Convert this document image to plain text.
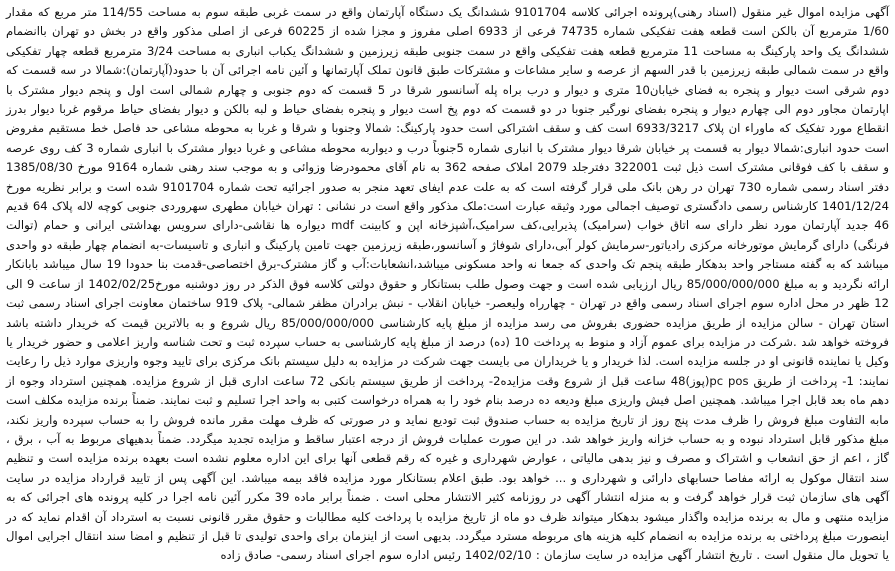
آگهی مزایده اموال غیر منقول (اسناد رهنی)پرونده اجرائی کلاسه 9101704 ششدانگ یک دستگاه آپارتمان واقع در سمت غربی طبقه سوم به مساحت 114/55 متر مربع که مقدار 1/60 مترمربع آن بالکن است قطعه هفت تفکیکی شماره 74735 فرعی از 6933 اصلی مفروز و مجزا شده از 60225 فرعی از اصلی مذکور واقع در بخش دو تهران باانضمام ششدانگ یک واحد پارکینگ به مساحت 11 مترمربع قطعه هفت تفکیکی واقع در سمت جنوبی طبقه زیرزمین و ششدانگ یکباب انباری به مساحت 3/24 مترمربع قطعه چهار تفکیکی واقع در سمت شمالی طبقه زیرزمین با قدر السهم از عرصه و سایر مشاعات و مشترکات طبق قانون تملک آپارتمانها و آئین نامه اجرائی آن با حدود(آپارتمان):شمالا در سه قسمت که دوم شرقی است دیوار و پنجره به فضای خیابان10 متری و دیوار و درب براه پله آسانسور شرقا در 5 قسمت که دوم جنوبی و چهارم شمالی است اول و پنجم دیوار مشترک با اپارتمان مجاور دوم الی چهارم دیوار و پنجره بفضای نورگیر جنوبا در دو قسمت که دوم پخ است دیوار و پنجره بفضای حیاط و لبه بالکن و دیوار بفضای حیاط مرقوم غربا دیوار بدرز انقطاع مورد تفکیک که ماوراء ان پلاک 6933/3217 است کف و سقف اشتراکی است حدود پارکینگ: شمالا وجنوبا و شرقا و غربا به محوطه مشاعی حد فاصل خط مستقیم مفروض است حدود انباری:شمالا دیوار به قسمت پر خیابان شرقا دیوار مشترک با انباری شماره 5جنوباً درب و دیواربه محوطه مشاعی و غربا دیوار مشترک با انباری شماره 3 کف روی عرصه و سقف با کف فوقانی مشترک است ذیل ثبت 322001 دفترجلد 2079 املاک صفحه 362 به نام آقای محمودرضا وزوائی و به موجب سند رهنی شماره 9164 مورخ 1385/08/30 دفتر اسناد رسمی شماره 730 تهران در رهن بانک ملی قرار گرفته است که به علت عدم ایفای تعهد منجر به صدور اجرائیه تحت شماره 9101704 شده است و برابر نظریه مورخ 1401/12/24 کارشناس رسمی دادگستری توصیف اجمالی مورد وثیقه عبارت است:ملک مذکور واقع است در نشانی : تهران خیابان مطهری سهروردی جنوبی کوچه لاله پلاک 64 قدیم 46 جدید آپارتمان مورد نظر دارای سه اتاق خواب (سرامیک) پذیرایی،کف سرامیک،آشپزخانه اپن و کابینت mdf دیواره ها نقاشی-دارای سرویس بهداشتی ایرانی و حمام (توالت فرنگی) دارای گرمایش موتورخانه مرکزی رادیاتور-سرمایش کولر آبی،دارای شوفاژ و آسانسور،طبقه زیرزمین جهت تامین پارکینگ و انباری و تاسیسات-به انضمام چهار طبقه دو واحدی میباشد که به گفته مستاجر واحد بدهکار طبقه پنجم تک واحدی که جمعا نه واحد مسکونی میباشد،انشعابات:آب و گاز مشترک-برق اختصاصی-قدمت بنا حدودا 19 سال میباشد بابانکار ارائه نگردید و به مبلغ 85/000/000/000 ریال ارزیابی شده است و جهت وصول طلب بستانکار و حقوق دولتی کلاسه فوق الذکر در روز دوشنبه مورخ1402/02/25 از ساعت 9 الی 12 ظهر در محل اداره سوم اجرای اسناد رسمی واقع در تهران - چهارراه ولیعصر- خیابان انقلاب - نبش برادران مظفر شمالی- پلاک 919 ساختمان معاونت اجرای اسناد رسمی ثبت استان تهران - سالن مزایده از طریق مزایده حضوری بفروش می رسد مزایده از مبلغ پایه کارشناسی 85/000/000/000 ریال شروع و به بالاترین قیمت که خریدار داشته باشد فروخته خواهد شد .شرکت در مزایده برای عموم آزاد و منوط به پرداخت 10 (ده) درصد از مبلغ پایه کارشناسی به حساب سپرده ثبت و تحت شناسه واریز اعلامی و حضور خریدار یا وکیل یا نماینده قانونی او در جلسه مزایده است. لذا خریدار و یا خریداران می بایست جهت شرکت در مزایده به دلیل سیستم بانک مرکزی برای تایید وجوه واریزی موارد ذیل را رعایت نمایند: 1- پرداخت از طریق pc pos(پوز)48 ساعت قبل از شروع وقت مزایده2- پرداخت از طریق سیستم بانکی 72 ساعت اداری قبل از شروع مزایده. همچنین استرداد وجوه از دهم ماه بعد قابل اجرا میباشد. همچنین اصل فیش واریزی مبلغ ودیعه ده درصد بنام خود را به همراه درخواست کتبی به واحد اجرا تسلیم و ثبت نمایند. ضمناً برنده مزایده مکلف است مابه التفاوت مبلغ فروش را ظرف مدت پنج روز از تاریخ مزایده به حساب صندوق ثبت تودیع نماید و در صورتی که ظرف مهلت مقرر مانده فروش را به حساب سپرده واریز نکند، مبلغ مذکور قابل استرداد نبوده و به حساب خزانه واریز خواهد شد. در این صورت عملیات فروش از درجه اعتبار ساقط و مزایده تجدید میگردد. ضمناً بدهیهای مربوط به آب ، برق ، گاز ، اعم از حق انشعاب و اشتراک و مصرف و نیز بدهی مالیاتی ، عوارض شهرداری و غیره که رقم قطعی آنها برای این اداره معلوم نشده است بعهده برنده مزایده است و تنظیم سند انتقال موکول به ارائه مفاصا حسابهای دارائی و شهرداری و ... خواهد بود. طبق اعلام بستانکار مورد مزایده فاقد بیمه میباشد. این آگهی پس از تایید قرارداد مزایده در سایت آگهی های سازمان ثبت قرار خواهد گرفت و به منزله انتشار آگهی در روزنامه کثیر الانتشار محلی است . ضمناً برابر ماده 39 مکرر آئین نامه اجرا در کلیه پرونده های اجرائی که به مزایده منتهی و مال به برنده مزایده واگذار میشود بدهکار میتواند ظرف دو ماه از تاریخ مزایده با پرداخت کلیه مطالبات و حقوق مقرر قانونی نسبت به استرداد آن اقدام نماید که در اینصورت مبلغ پرداختی به برنده مزایده به انضمام کلیه هزینه های مربوطه مسترد میگردد. بدیهی است از اینزمان برای واحدی تولیدی تا قبل از تنظیم و امضا سند انتقال اجرایی اموال یا تحویل مال منقول است . تاریخ انتشار آگهی مزایده در سایت سازمان : 1402/02/10 رئیس اداره سوم اجرای اسناد رسمی- صادق زاده
